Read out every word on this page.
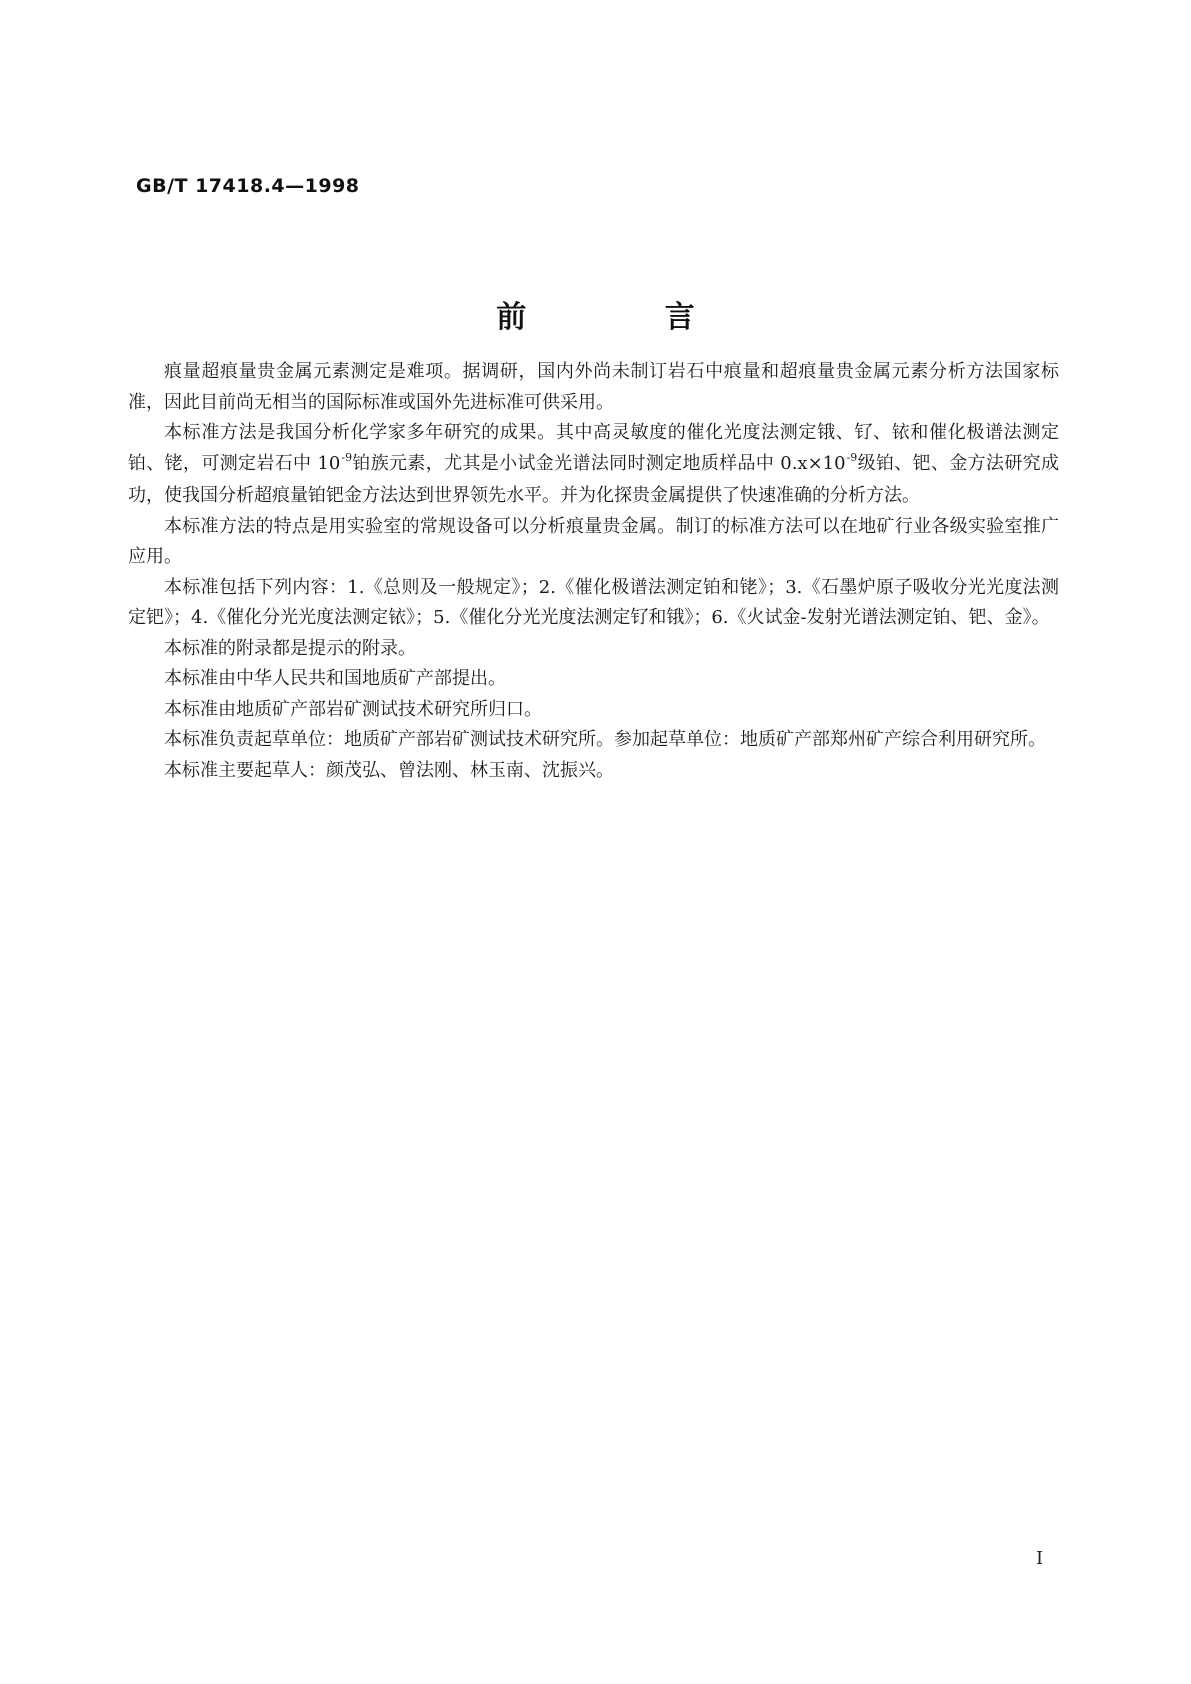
GB/T 17418.4—1998
前 言

痕量超痕量贵金属元素测定是难项。据调研，国内外尚未制订岩石中痕量和超痕量贵金属元素分析方法国家标准，因此目前尚无相当的国际标准或国外先进标准可供采用。

本标准方法是我国分析化学家多年研究的成果。其中高灵敏度的催化光度法测定锇、钌、铱和催化极谱法测定铂、铑，可测定岩石中 $10^{-9}$铂族元素，尤其是小试金光谱法同时测定地质样品中 $0.x\times 10^{-9}$级铂、钯、金方法研究成功，使我国分析超痕量铂钯金方法达到世界领先水平。并为化探贵金属提供了快速准确的分析方法。

本标准方法的特点是用实验室的常规设备可以分析痕量贵金属。制订的标准方法可以在地矿行业各级实验室推广应用。

本标准包括下列内容：1.《总则及一般规定》；2.《催化极谱法测定铂和铑》；3.《石墨炉原子吸收分光光度法测定钯》；4.《催化分光光度法测定铱》；5.《催化分光光度法测定钌和锇》；6.《火试金-发射光谱法测定铂、钯、金》。

本标准的附录都是提示的附录。

本标准由中华人民共和国地质矿产部提出。

本标准由地质矿产部岩矿测试技术研究所归口。

本标准负责起草单位：地质矿产部岩矿测试技术研究所。参加起草单位：地质矿产部郑州矿产综合利用研究所。

本标准主要起草人：颜茂弘、曾法刚、林玉南、沈振兴。

I
